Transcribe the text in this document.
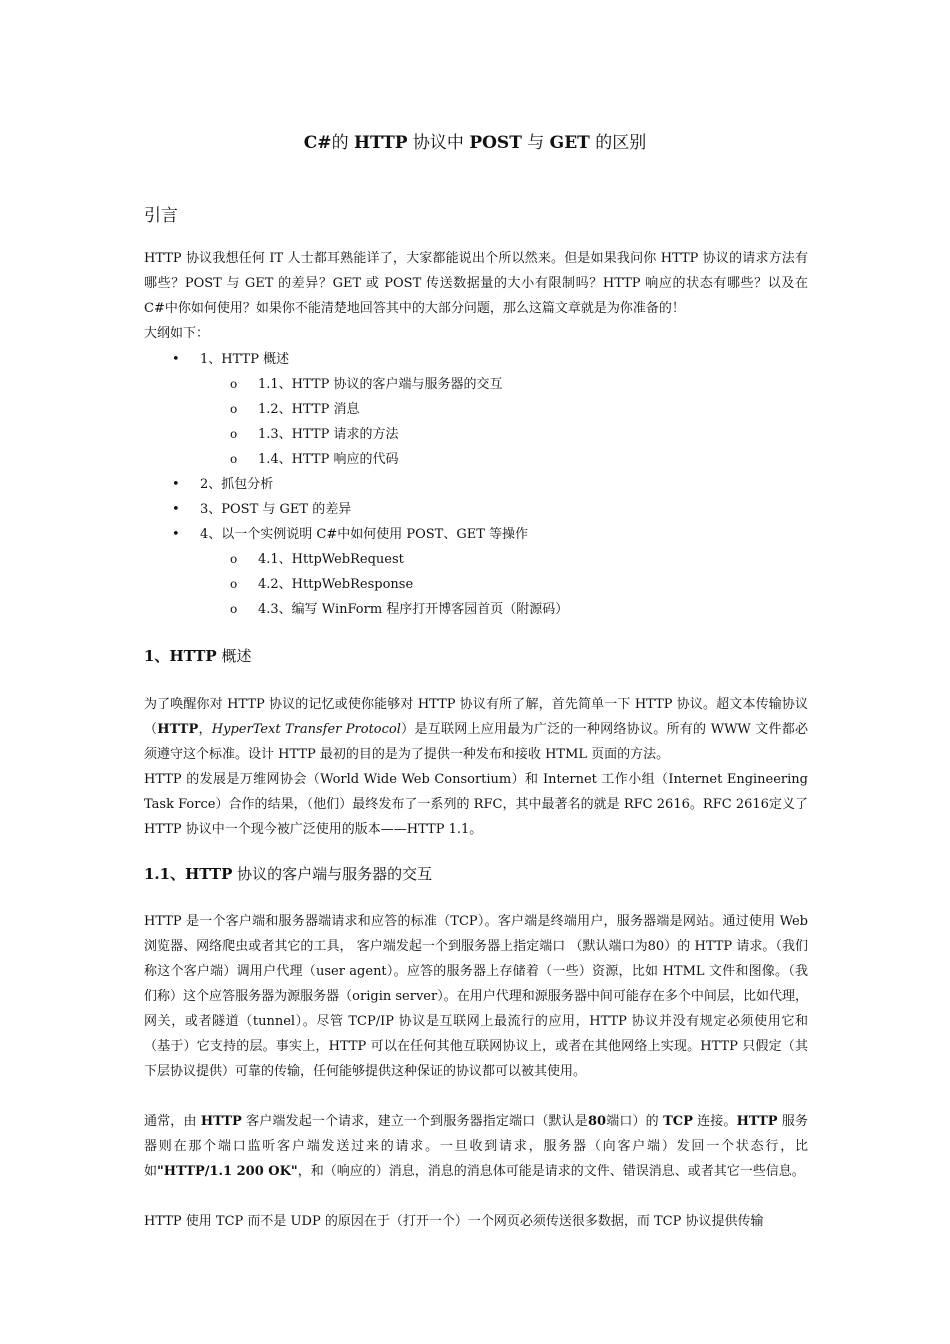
C#的 HTTP 协议中 POST 与 GET 的区别
引言
HTTP 协议我想任何 IT 人士都耳熟能详了，大家都能说出个所以然来。但是如果我问你 HTTP 协议的请求方法有哪些？POST 与 GET 的差异？GET 或 POST 传送数据量的大小有限制吗？HTTP 响应的状态有哪些？以及在 C#中你如何使用？如果你不能清楚地回答其中的大部分问题，那么这篇文章就是为你准备的！
大纲如下：
• 1、HTTP 概述
o 1.1、HTTP 协议的客户端与服务器的交互
o 1.2、HTTP 消息
o 1.3、HTTP 请求的方法
o 1.4、HTTP 响应的代码
• 2、抓包分析
• 3、POST 与 GET 的差异
• 4、以一个实例说明 C#中如何使用 POST、GET 等操作
o 4.1、HttpWebRequest
o 4.2、HttpWebResponse
o 4.3、编写 WinForm 程序打开博客园首页（附源码）
1、HTTP 概述
为了唤醒你对 HTTP 协议的记忆或使你能够对 HTTP 协议有所了解，首先简单一下 HTTP 协议。超文本传输协议（HTTP，HyperText Transfer Protocol）是互联网上应用最为广泛的一种网络协议。所有的 WWW 文件都必须遵守这个标准。设计 HTTP 最初的目的是为了提供一种发布和接收 HTML 页面的方法。
HTTP 的发展是万维网协会（World Wide Web Consortium）和 Internet 工作小组（Internet Engineering Task Force）合作的结果，（他们）最终发布了一系列的 RFC，其中最著名的就是 RFC 2616。RFC 2616定义了 HTTP 协议中一个现今被广泛使用的版本——HTTP 1.1。
1.1、HTTP 协议的客户端与服务器的交互
HTTP 是一个客户端和服务器端请求和应答的标准（TCP）。客户端是终端用户，服务器端是网站。通过使用 Web 浏览器、网络爬虫或者其它的工具， 客户端发起一个到服务器上指定端口 （默认端口为80）的 HTTP 请求。（我们称这个客户端）调用户代理（user agent）。应答的服务器上存储着（一些）资源，比如 HTML 文件和图像。（我们称）这个应答服务器为源服务器（origin server）。在用户代理和源服务器中间可能存在多个中间层，比如代理，网关，或者隧道（tunnel）。尽管 TCP/IP 协议是互联网上最流行的应用，HTTP 协议并没有规定必须使用它和（基于）它支持的层。事实上，HTTP 可以在任何其他互联网协议上，或者在其他网络上实现。HTTP 只假定（其下层协议提供）可靠的传输，任何能够提供这种保证的协议都可以被其使用。
通常，由 HTTP 客户端发起一个请求，建立一个到服务器指定端口（默认是80端口）的 TCP 连接。HTTP 服务器则在那个端口监听客户端发送过来的请求。一旦收到请求，服务器（向客户端）发回一个状态行，比如"HTTP/1.1 200 OK"，和（响应的）消息，消息的消息体可能是请求的文件、错误消息、或者其它一些信息。
HTTP 使用 TCP 而不是 UDP 的原因在于（打开一个）一个网页必须传送很多数据，而 TCP 协议提供传输
